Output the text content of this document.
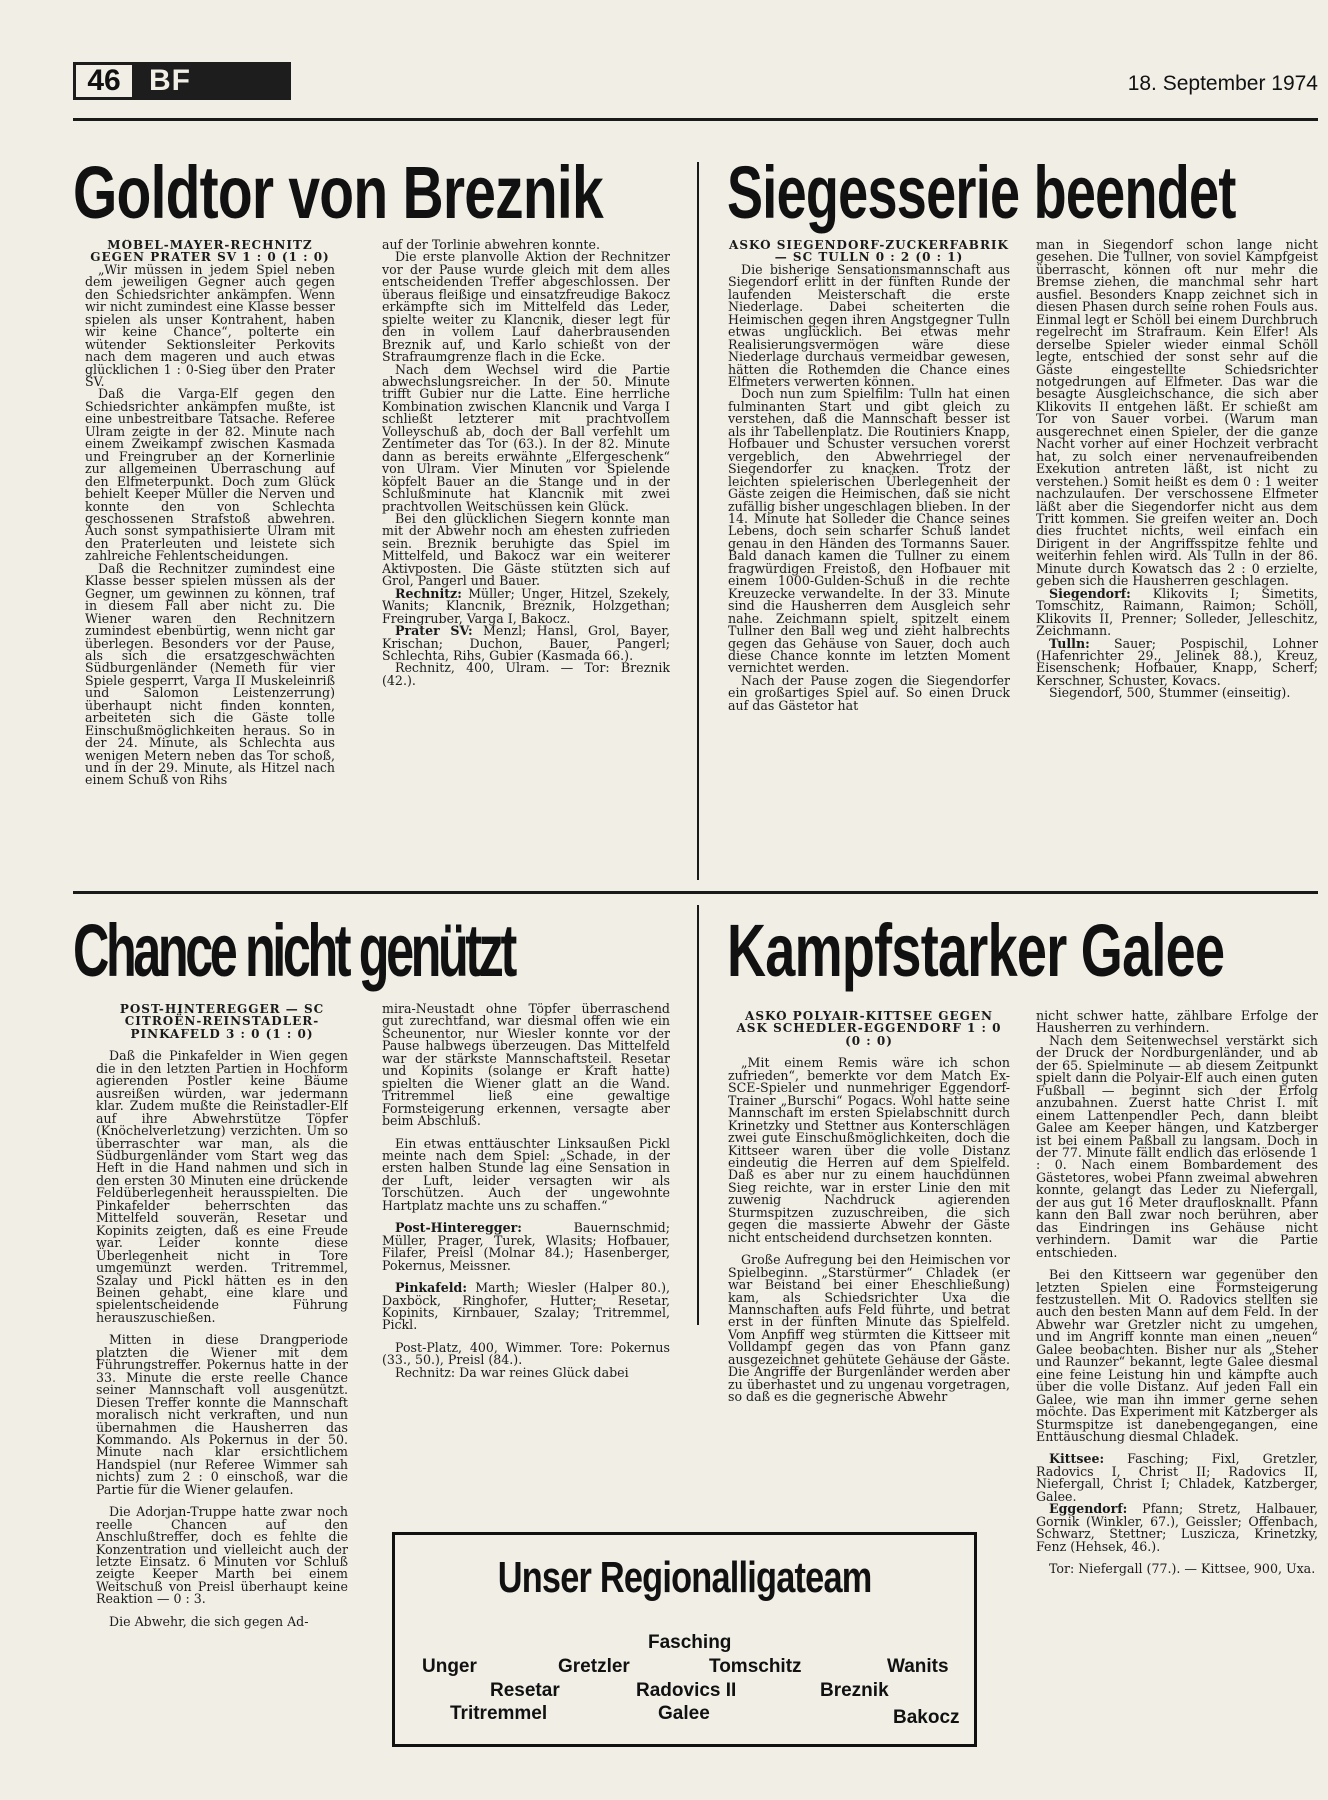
46 BF	18. September 1974
Goldtor von Breznik

MÖBEL-MAYER-RECHNITZ GEGEN PRATER SV 1 : 0 (1 : 0)

„Wir müssen in jedem Spiel neben dem jeweiligen Gegner auch gegen den Schiedsrichter ankämpfen. Wenn wir nicht zumindest eine Klasse besser spielen als unser Kontrahent, haben wir keine Chance“, polterte ein wütender Sektionsleiter Perkovits nach dem mageren und auch etwas glücklichen 1 : 0-Sieg über den Prater SV.

Daß die Varga-Elf gegen den Schiedsrichter ankämpfen mußte, ist eine unbestreitbare Tatsache. Referee Ulram zeigte in der 82. Minute nach einem Zweikampf zwischen Kasmada und Freingruber an der Kornerlinie zur allgemeinen Überraschung auf den Elfmeterpunkt. Doch zum Glück behielt Keeper Müller die Nerven und konnte den von Schlechta geschossenen Strafstoß abwehren. Auch sonst sympathisierte Ulram mit den Praterleuten und leistete sich zahlreiche Fehlentscheidungen.

Daß die Rechnitzer zumindest eine Klasse besser spielen müssen als der Gegner, um gewinnen zu können, traf in diesem Fall aber nicht zu. Die Wiener waren den Rechnitzern zumindest ebenbürtig, wenn nicht gar überlegen. Besonders vor der Pause, als sich die ersatzgeschwächten Südburgenländer (Nemeth für vier Spiele gesperrt, Varga II Muskeleinriß und Salomon Leistenzerrung) überhaupt nicht finden konnten, arbeiteten sich die Gäste tolle Einschußmöglichkeiten heraus. So in der 24. Minute, als Schlechta aus wenigen Metern neben das Tor schoß, und in der 29. Minute, als Hitzel nach einem Schuß von Rihs

auf der Torlinie abwehren konnte.

Die erste planvolle Aktion der Rechnitzer vor der Pause wurde gleich mit dem alles entscheidenden Treffer abgeschlossen. Der überaus fleißige und einsatzfreudige Bakocz erkämpfte sich im Mittelfeld das Leder, spielte weiter zu Klancnik, dieser legt für den in vollem Lauf daherbrausenden Breznik auf, und Karlo schießt von der Strafraumgrenze flach in die Ecke.

Nach dem Wechsel wird die Partie abwechslungsreicher. In der 50. Minute trifft Gubier nur die Latte. Eine herrliche Kombination zwischen Klancnik und Varga I schließt letzterer mit prachtvollem Volleyschuß ab, doch der Ball verfehlt um Zentimeter das Tor (63.). In der 82. Minute dann as bereits erwähnte „Elfergeschenk“ von Ulram. Vier Minuten vor Spielende köpfelt Bauer an die Stange und in der Schlußminute hat Klancnik mit zwei prachtvollen Weitschüssen kein Glück.

Bei den glücklichen Siegern konnte man mit der Abwehr noch am ehesten zufrieden sein. Breznik beruhigte das Spiel im Mittelfeld, und Bakocz war ein weiterer Aktivposten. Die Gäste stützten sich auf Grol, Pangerl und Bauer.

Rechnitz: Müller; Unger, Hitzel, Szekely, Wanits; Klancnik, Breznik, Holzgethan; Freingruber, Varga I, Bakocz.

Prater SV: Menzl; Hansl, Grol, Bayer, Krischan; Duchon, Bauer, Pangerl; Schlechta, Rihs, Gubier (Kasmada 66.).

Rechnitz, 400, Ulram. — Tor: Breznik (42.).

Siegesserie beendet

ASKÖ SIEGENDORF-ZUCKERFABRIK — SC TULLN 0 : 2 (0 : 1)

Die bisherige Sensationsmannschaft aus Siegendorf erlitt in der fünften Runde der laufenden Meisterschaft die erste Niederlage. Dabei scheiterten die Heimischen gegen ihren Angstgegner Tulln etwas unglücklich. Bei etwas mehr Realisierungsvermögen wäre diese Niederlage durchaus vermeidbar gewesen, hätten die Rothemden die Chance eines Elfmeters verwerten können.

Doch nun zum Spielfilm: Tulln hat einen fulminanten Start und gibt gleich zu verstehen, daß die Mannschaft besser ist als ihr Tabellenplatz. Die Routiniers Knapp, Hofbauer und Schuster versuchen vorerst vergeblich, den Abwehrriegel der Siegendorfer zu knacken. Trotz der leichten spielerischen Überlegenheit der Gäste zeigen die Heimischen, daß sie nicht zufällig bisher ungeschlagen blieben. In der 14. Minute hat Solleder die Chance seines Lebens, doch sein scharfer Schuß landet genau in den Händen des Tormanns Sauer. Bald danach kamen die Tullner zu einem fragwürdigen Freistoß, den Hofbauer mit einem 1000-Gulden-Schuß in die rechte Kreuzecke verwandelte. In der 33. Minute sind die Hausherren dem Ausgleich sehr nahe. Zeichmann spielt, spitzelt einem Tullner den Ball weg und zieht halbrechts gegen das Gehäuse von Sauer, doch auch diese Chance konnte im letzten Moment vernichtet werden.

Nach der Pause zogen die Siegendorfer ein großartiges Spiel auf. So einen Druck auf das Gästetor hat

man in Siegendorf schon lange nicht gesehen. Die Tullner, von soviel Kampfgeist überrascht, können oft nur mehr die Bremse ziehen, die manchmal sehr hart ausfiel. Besonders Knapp zeichnet sich in diesen Phasen durch seine rohen Fouls aus. Einmal legt er Schöll bei einem Durchbruch regelrecht im Strafraum. Kein Elfer! Als derselbe Spieler wieder einmal Schöll legte, entschied der sonst sehr auf die Gäste eingestellte Schiedsrichter notgedrungen auf Elfmeter. Das war die besagte Ausgleichschance, die sich aber Klikovits II entgehen läßt. Er schießt am Tor von Sauer vorbei. (Warum man ausgerechnet einen Spieler, der die ganze Nacht vorher auf einer Hochzeit verbracht hat, zu solch einer nervenaufreibenden Exekution antreten läßt, ist nicht zu verstehen.) Somit heißt es dem 0 : 1 weiter nachzulaufen. Der verschossene Elfmeter läßt aber die Siegendorfer nicht aus dem Tritt kommen. Sie greifen weiter an. Doch dies fruchtet nichts, weil einfach ein Dirigent in der Angriffsspitze fehlte und weiterhin fehlen wird. Als Tulln in der 86. Minute durch Kowatsch das 2 : 0 erzielte, geben sich die Hausherren geschlagen.

Siegendorf: Klikovits I; Simetits, Tomschitz, Raimann, Raimon; Schöll, Klikovits II, Prenner; Solleder, Jelleschitz, Zeichmann.

Tulln: Sauer; Pospischil, Lohner (Hafenrichter 29., Jelinek 88.), Kreuz, Eisenschenk; Hofbauer, Knapp, Scherf; Kerschner, Schuster, Kovacs.

Siegendorf, 500, Stummer (einseitig).

Chance nicht genützt

POST-HINTEREGGER — SC CITROËN-REINSTADLER-PINKAFELD 3 : 0 (1 : 0)

Daß die Pinkafelder in Wien gegen die in den letzten Partien in Hochform agierenden Postler keine Bäume ausreißen würden, war jedermann klar. Zudem mußte die Reinstadler-Elf auf ihre Abwehrstütze Töpfer (Knöchelverletzung) verzichten. Um so überraschter war man, als die Südburgenländer vom Start weg das Heft in die Hand nahmen und sich in den ersten 30 Minuten eine drückende Feldüberlegenheit herausspielten. Die Pinkafelder beherrschten das Mittelfeld souverän, Resetar und Kopinits zeigten, daß es eine Freude war. Leider konnte diese Überlegenheit nicht in Tore umgemünzt werden. Tritremmel, Szalay und Pickl hätten es in den Beinen gehabt, eine klare und spielentscheidende Führung herauszuschießen.

Mitten in diese Drangperiode platzten die Wiener mit dem Führungstreffer. Pokernus hatte in der 33. Minute die erste reelle Chance seiner Mannschaft voll ausgenützt. Diesen Treffer konnte die Mannschaft moralisch nicht verkraften, und nun übernahmen die Hausherren das Kommando. Als Pokernus in der 50. Minute nach klar ersichtlichem Handspiel (nur Referee Wimmer sah nichts) zum 2 : 0 einschoß, war die Partie für die Wiener gelaufen.

Die Adorjan-Truppe hatte zwar noch reelle Chancen auf den Anschlußtreffer, doch es fehlte die Konzentration und vielleicht auch der letzte Einsatz. 6 Minuten vor Schluß zeigte Keeper Marth bei einem Weitschuß von Preisl überhaupt keine Reaktion — 0 : 3.

Die Abwehr, die sich gegen Ad-

mira-Neustadt ohne Töpfer überraschend gut zurechtfand, war diesmal offen wie ein Scheunentor, nur Wiesler konnte vor der Pause halbwegs überzeugen. Das Mittelfeld war der stärkste Mannschaftsteil. Resetar und Kopinits (solange er Kraft hatte) spielten die Wiener glatt an die Wand. Tritremmel ließ eine gewaltige Formsteigerung erkennen, versagte aber beim Abschluß.

Ein etwas enttäuschter Linksaußen Pickl meinte nach dem Spiel: „Schade, in der ersten halben Stunde lag eine Sensation in der Luft, leider versagten wir als Torschützen. Auch der ungewohnte Hartplatz machte uns zu schaffen.“

Post-Hinteregger: Bauernschmid; Müller, Prager, Turek, Wlasits; Hofbauer, Filafer, Preisl (Molnar 84.); Hasenberger, Pokernus, Meissner.

Pinkafeld: Marth; Wiesler (Halper 80.), Daxböck, Ringhofer, Hutter; Resetar, Kopinits, Kirnbauer, Szalay; Tritremmel, Pickl.

Post-Platz, 400, Wimmer. Tore: Pokernus (33., 50.), Preisl (84.).

Rechnitz: Da war reines Glück dabei

Kampfstarker Galee

ASKÖ POLYAIR-KITTSEE GEGEN ASK SCHEDLER-EGGENDORF 1 : 0 (0 : 0)

„Mit einem Remis wäre ich schon zufrieden“, bemerkte vor dem Match Ex-SCE-Spieler und nunmehriger Eggendorf-Trainer „Burschi“ Pogacs. Wohl hatte seine Mannschaft im ersten Spielabschnitt durch Krinetzky und Stettner aus Konterschlägen zwei gute Einschußmöglichkeiten, doch die Kittseer waren über die volle Distanz eindeutig die Herren auf dem Spielfeld. Daß es aber nur zu einem hauchdünnen Sieg reichte, war in erster Linie den mit zuwenig Nachdruck agierenden Sturmspitzen zuzuschreiben, die sich gegen die massierte Abwehr der Gäste nicht entscheidend durchsetzen konnten.

Große Aufregung bei den Heimischen vor Spielbeginn. „Starstürmer“ Chladek (er war Beistand bei einer Eheschließung) kam, als Schiedsrichter Uxa die Mannschaften aufs Feld führte, und betrat erst in der fünften Minute das Spielfeld. Vom Anpfiff weg stürmten die Kittseer mit Volldampf gegen das von Pfann ganz ausgezeichnet gehütete Gehäuse der Gäste. Die Angriffe der Burgenländer werden aber zu überhastet und zu ungenau vorgetragen, so daß es die gegnerische Abwehr

nicht schwer hatte, zählbare Erfolge der Hausherren zu verhindern.

Nach dem Seitenwechsel verstärkt sich der Druck der Nordburgenländer, und ab der 65. Spielminute — ab diesem Zeitpunkt spielt dann die Polyair-Elf auch einen guten Fußball — beginnt sich der Erfolg anzubahnen. Zuerst hatte Christ I. mit einem Lattenpendler Pech, dann bleibt Galee am Keeper hängen, und Katzberger ist bei einem Paßball zu langsam. Doch in der 77. Minute fällt endlich das erlösende 1 : 0. Nach einem Bombardement des Gästetores, wobei Pfann zweimal abwehren konnte, gelangt das Leder zu Niefergall, der aus gut 16 Meter drauflosknallt. Pfann kann den Ball zwar noch berühren, aber das Eindringen ins Gehäuse nicht verhindern. Damit war die Partie entschieden.

Bei den Kittseern war gegenüber den letzten Spielen eine Formsteigerung festzustellen. Mit O. Radovics stellten sie auch den besten Mann auf dem Feld. In der Abwehr war Gretzler nicht zu umgehen, und im Angriff konnte man einen „neuen“ Galee beobachten. Bisher nur als „Steher und Raunzer“ bekannt, legte Galee diesmal eine feine Leistung hin und kämpfte auch über die volle Distanz. Auf jeden Fall ein Galee, wie man ihn immer gerne sehen möchte. Das Experiment mit Katzberger als Sturmspitze ist danebengegangen, eine Enttäuschung diesmal Chladek.

Kittsee: Fasching; Fixl, Gretzler, Radovics I, Christ II; Radovics II, Niefergall, Christ I; Chladek, Katzberger, Galee.

Eggendorf: Pfann; Stretz, Halbauer, Gornik (Winkler, 67.), Geissler; Offenbach, Schwarz, Stettner; Luszicza, Krinetzky, Fenz (Hehsek, 46.).

Tor: Niefergall (77.). — Kittsee, 900, Uxa.

Unser Regionalligateam
Fasching
Unger	Gretzler	Tomschitz	Wanits
Resetar	Radovics II	Breznik
Tritremmel	Galee	Bakocz
